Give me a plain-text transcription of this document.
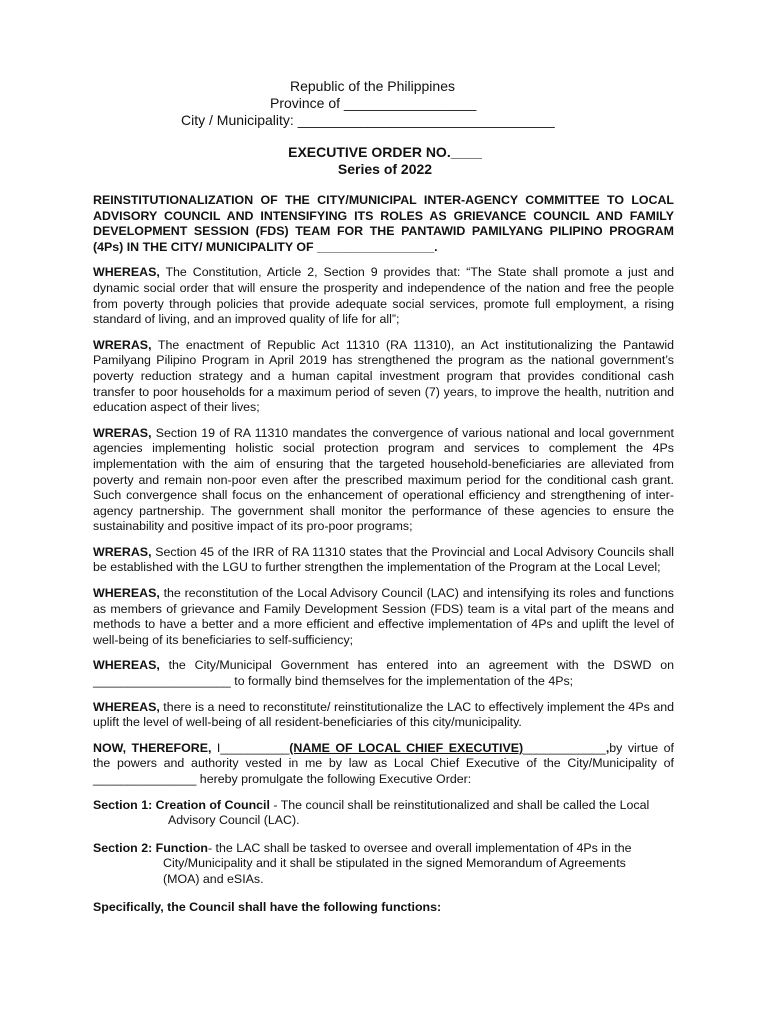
Republic of the Philippines
Province of _________________
City / Municipality: _________________________________
EXECUTIVE ORDER NO.____
Series of 2022

REINSTITUTIONALIZATION OF THE CITY/MUNICIPAL INTER-AGENCY COMMITTEE TO LOCAL ADVISORY COUNCIL AND INTENSIFYING ITS ROLES AS GRIEVANCE COUNCIL AND FAMILY DEVELOPMENT SESSION (FDS) TEAM FOR THE PANTAWID PAMILYANG PILIPINO PROGRAM (4Ps) IN THE CITY/ MUNICIPALITY OF _________________.

WHEREAS, The Constitution, Article 2, Section 9 provides that: “The State shall promote a just and dynamic social order that will ensure the prosperity and independence of the nation and free the people from poverty through policies that provide adequate social services, promote full employment, a rising standard of living, and an improved quality of life for all”;

WRERAS, The enactment of Republic Act 11310 (RA 11310), an Act institutionalizing the Pantawid Pamilyang Pilipino Program in April 2019 has strengthened the program as the national government’s poverty reduction strategy and a human capital investment program that provides conditional cash transfer to poor households for a maximum period of seven (7) years, to improve the health, nutrition and education aspect of their lives;

WRERAS, Section 19 of RA 11310 mandates the convergence of various national and local government agencies implementing holistic social protection program and services to complement the 4Ps implementation with the aim of ensuring that the targeted household-beneficiaries are alleviated from poverty and remain non-poor even after the prescribed maximum period for the conditional cash grant. Such convergence shall focus on the enhancement of operational efficiency and strengthening of inter-agency partnership. The government shall monitor the performance of these agencies to ensure the sustainability and positive impact of its pro-poor programs;

WRERAS, Section 45 of the IRR of RA 11310 states that the Provincial and Local Advisory Councils shall be established with the LGU to further strengthen the implementation of the Program at the Local Level;

WHEREAS, the reconstitution of the Local Advisory Council (LAC) and intensifying its roles and functions as members of grievance and Family Development Session (FDS) team is a vital part of the means and methods to have a better and a more efficient and effective implementation of 4Ps and uplift the level of well-being of its beneficiaries to self-sufficiency;

WHEREAS, the City/Municipal Government has entered into an agreement with the DSWD on ____________________ to formally bind themselves for the implementation of the 4Ps;

WHEREAS, there is a need to reconstitute/ reinstitutionalize the LAC to effectively implement the 4Ps and uplift the level of well-being of all resident-beneficiaries of this city/municipality.

NOW, THEREFORE, I__________(NAME OF LOCAL CHIEF EXECUTIVE)____________,by virtue of the powers and authority vested in me by law as Local Chief Executive of the City/Municipality of _______________ hereby promulgate the following Executive Order:

Section 1: Creation of Council - The council shall be reinstitutionalized and shall be called the Local
Advisory Council (LAC).

Section 2: Function- the LAC shall be tasked to oversee and overall implementation of 4Ps in the
City/Municipality and it shall be stipulated in the signed Memorandum of Agreements
(MOA) and eSIAs.

Specifically, the Council shall have the following functions:
